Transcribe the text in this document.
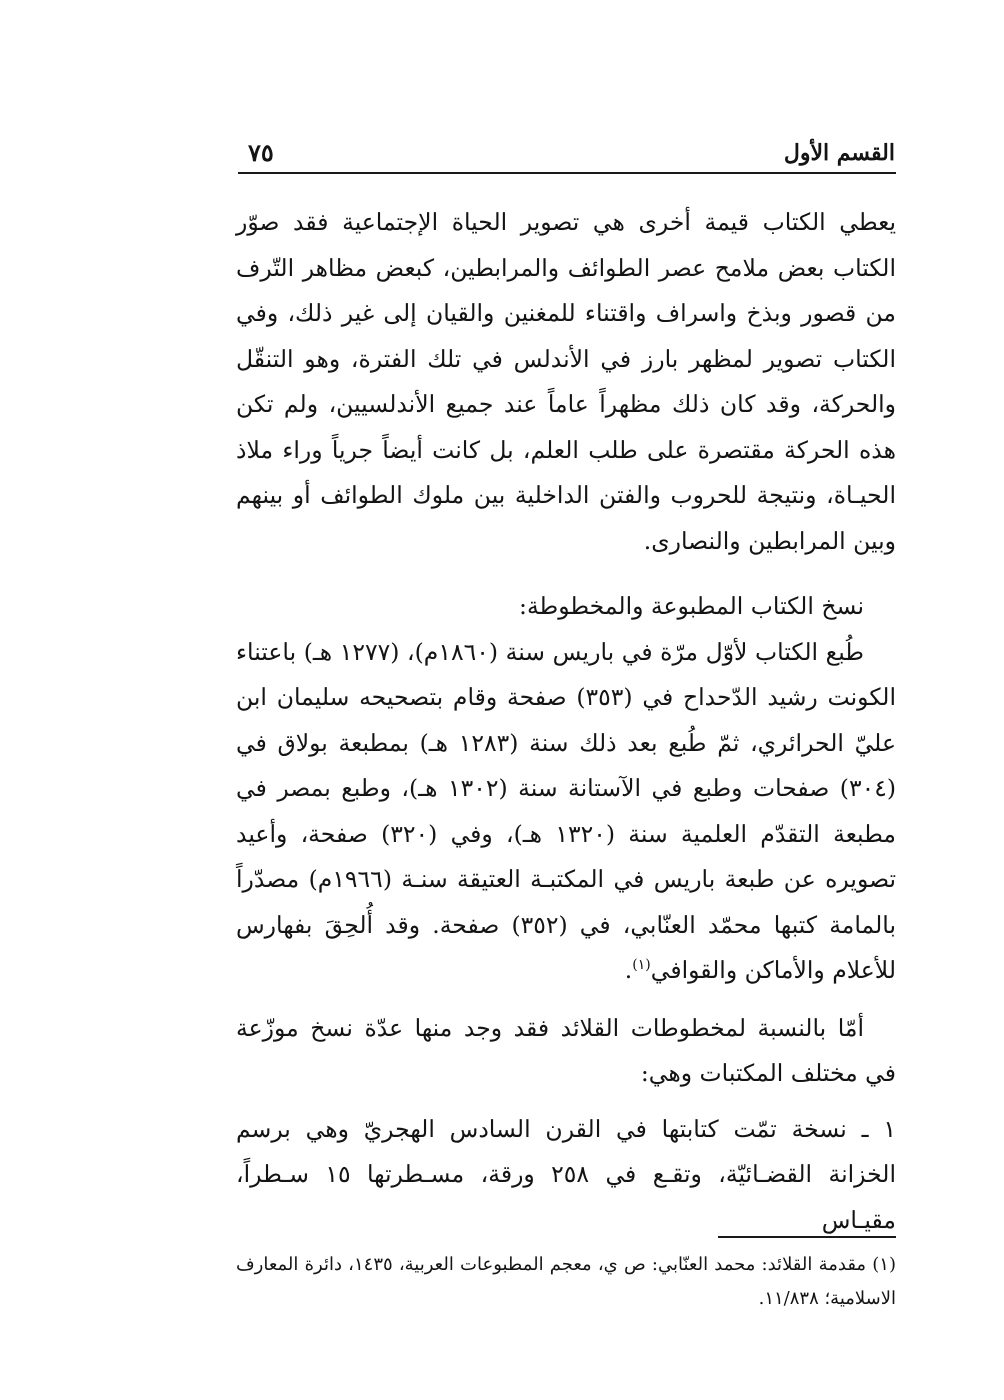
القسم الأول
٧٥

يعطي الكتاب قيمة أخرى هي تصوير الحياة الإجتماعية فقد صوّر الكتاب بعض ملامح عصر الطوائف والمرابطين، كبعض مظاهر التّرف من قصور وبذخ واسراف واقتناء للمغنين والقيان إلى غير ذلك، وفي الكتاب تصوير لمظهر بارز في الأندلس في تلك الفترة، وهو التنقّل والحركة، وقد كان ذلك مظهراً عاماً عند جميع الأندلسيين، ولم تكن هذه الحركة مقتصرة على طلب العلم، بل كانت أيضاً جرياً وراء ملاذ الحيـاة، ونتيجة للحروب والفتن الداخلية بين ملوك الطوائف أو بينهم وبين المرابطين والنصارى.

نسخ الكتاب المطبوعة والمخطوطة:

طُبع الكتاب لأوّل مرّة في باريس سنة (١٨٦٠م)، (١٢٧٧ هـ) باعتناء الكونت رشيد الدّحداح في (٣٥٣) صفحة وقام بتصحيحه سليمان ابن عليّ الحرائري، ثمّ طُبع بعد ذلك سنة (١٢٨٣ هـ) بمطبعة بولاق في (٣٠٤) صفحات وطبع في الآستانة سنة (١٣٠٢ هـ)، وطبع بمصر في مطبعة التقدّم العلمية سنة (١٣٢٠ هـ)، وفي (٣٢٠) صفحة، وأعيد تصويره عن طبعة باريس في المكتبـة العتيقة سنـة (١٩٦٦م) مصدّراً بالمامة كتبها محمّد العنّابي، في (٣٥٢) صفحة. وقد أُلحِقَ بفهارس للأعلام والأماكن والقوافي$^{(١)}$.

أمّا بالنسبة لمخطوطات القلائد فقد وجد منها عدّة نسخ موزّعة في مختلف المكتبات وهي:

١ ـ نسخة تمّت كتابتها في القرن السادس الهجريّ وهي برسم الخزانة القضـائيّة، وتقـع في ٢٥٨ ورقة، مسـطرتها ١٥ سـطراً، مقيـاس

(١) مقدمة القلائد: محمد العنّابي: ص ي، معجم المطبوعات العربية، ١٤٣٥، دائرة المعارف الاسلامية؛ ١١/٨٣٨.
